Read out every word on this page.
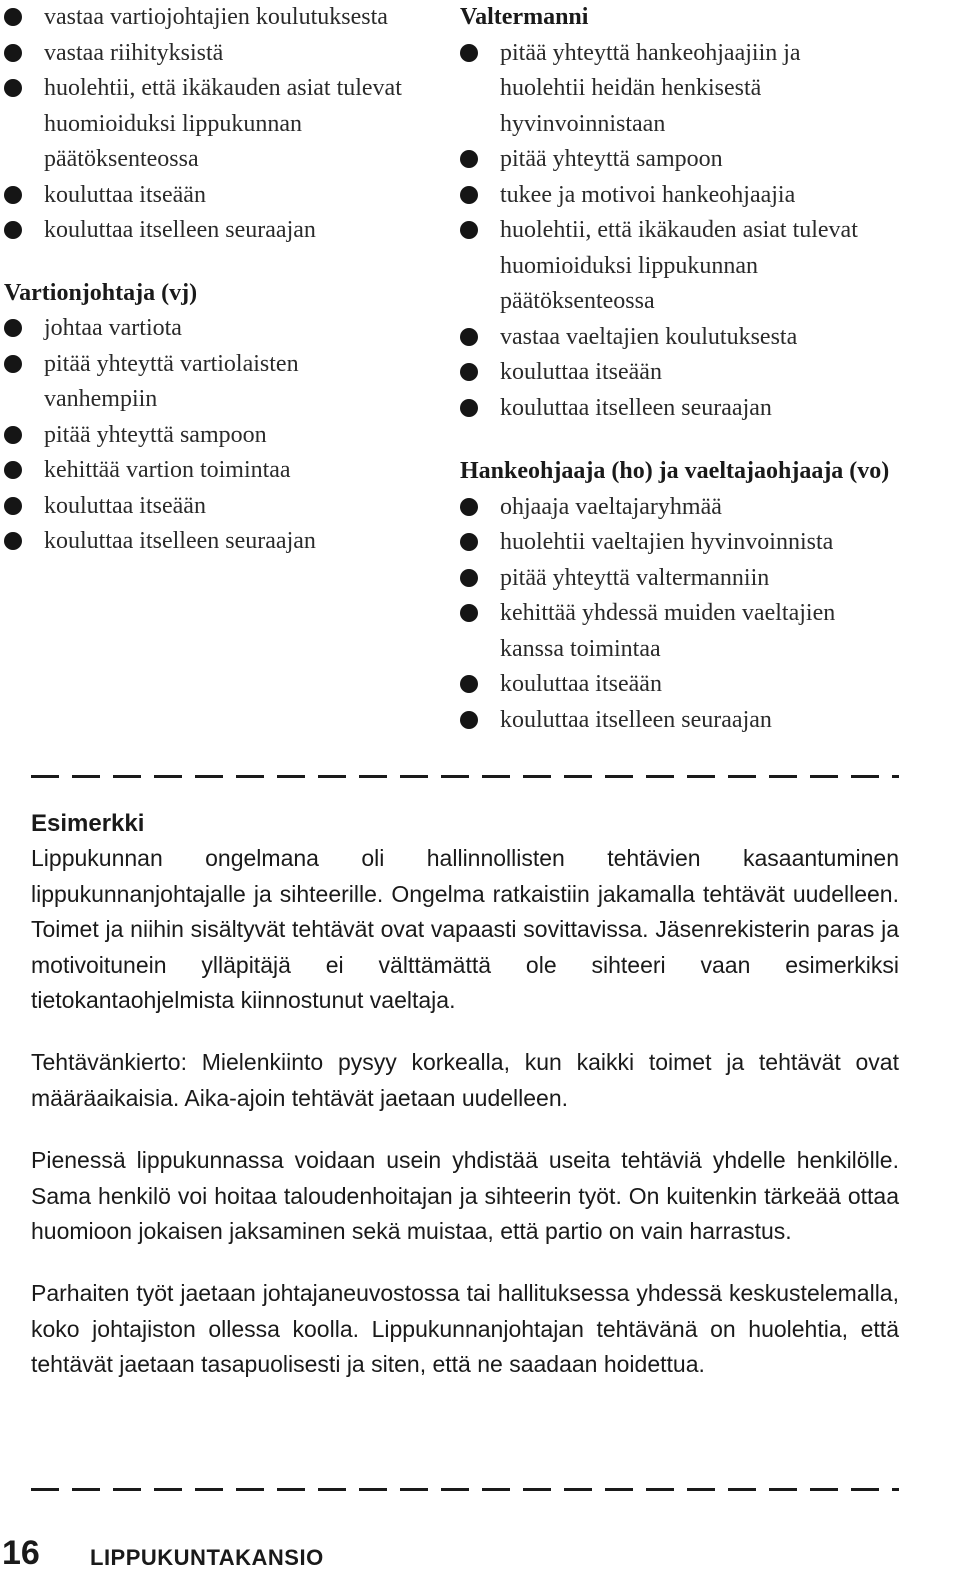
vastaa vartiojohtajien koulutuksesta
vastaa riihityksistä
huolehtii, että ikäkauden asiat tulevat huomioiduksi lippukunnan päätöksenteossa
kouluttaa itseään
kouluttaa itselleen seuraajan
Vartionjohtaja (vj)
johtaa vartiota
pitää yhteyttä vartiolaisten vanhempiin
pitää yhteyttä sampoon
kehittää vartion toimintaa
kouluttaa itseään
kouluttaa itselleen seuraajan
Valtermanni
pitää yhteyttä hankeohjaajiin ja huolehtii heidän henkisestä hyvinvoinnistaan
pitää yhteyttä sampoon
tukee ja motivoi hankeohjaajia
huolehtii, että ikäkauden asiat tulevat huomioiduksi lippukunnan päätöksenteossa
vastaa vaeltajien koulutuksesta
kouluttaa itseään
kouluttaa itselleen seuraajan
Hankeohjaaja (ho) ja vaeltajaohjaaja (vo)
ohjaaja vaeltajaryhmää
huolehtii vaeltajien hyvinvoinnista
pitää yhteyttä valtermanniin
kehittää yhdessä muiden vaeltajien kanssa toimintaa
kouluttaa itseään
kouluttaa itselleen seuraajan
Esimerkki

Lippukunnan ongelmana oli hallinnollisten tehtävien kasaantuminen lippukunnanjohtajalle ja sihteerille. Ongelma ratkaistiin jakamalla tehtävät uudelleen. Toimet ja niihin sisältyvät tehtävät ovat vapaasti sovittavissa. Jäsenrekisterin paras ja motivoitunein ylläpitäjä ei välttämättä ole sihteeri vaan esimerkiksi tietokantaohjelmista kiinnostunut vaeltaja.

Tehtävänkierto: Mielenkiinto pysyy korkealla, kun kaikki toimet ja tehtävät ovat määräaikaisia. Aika-ajoin tehtävät jaetaan uudelleen.

Pienessä lippukunnassa voidaan usein yhdistää useita tehtäviä yhdelle henkilölle. Sama henkilö voi hoitaa taloudenhoitajan ja sihteerin työt. On kuitenkin tärkeää ottaa huomioon jokaisen jaksaminen sekä muistaa, että partio on vain harrastus.

Parhaiten työt jaetaan johtajaneuvostossa tai hallituksessa yhdessä keskustelemalla, koko johtajiston ollessa koolla. Lippukunnanjohtajan tehtävänä on huolehtia, että tehtävät jaetaan tasapuolisesti ja siten, että ne saadaan hoidettua.

16 LIPPUKUNTAKANSIO
